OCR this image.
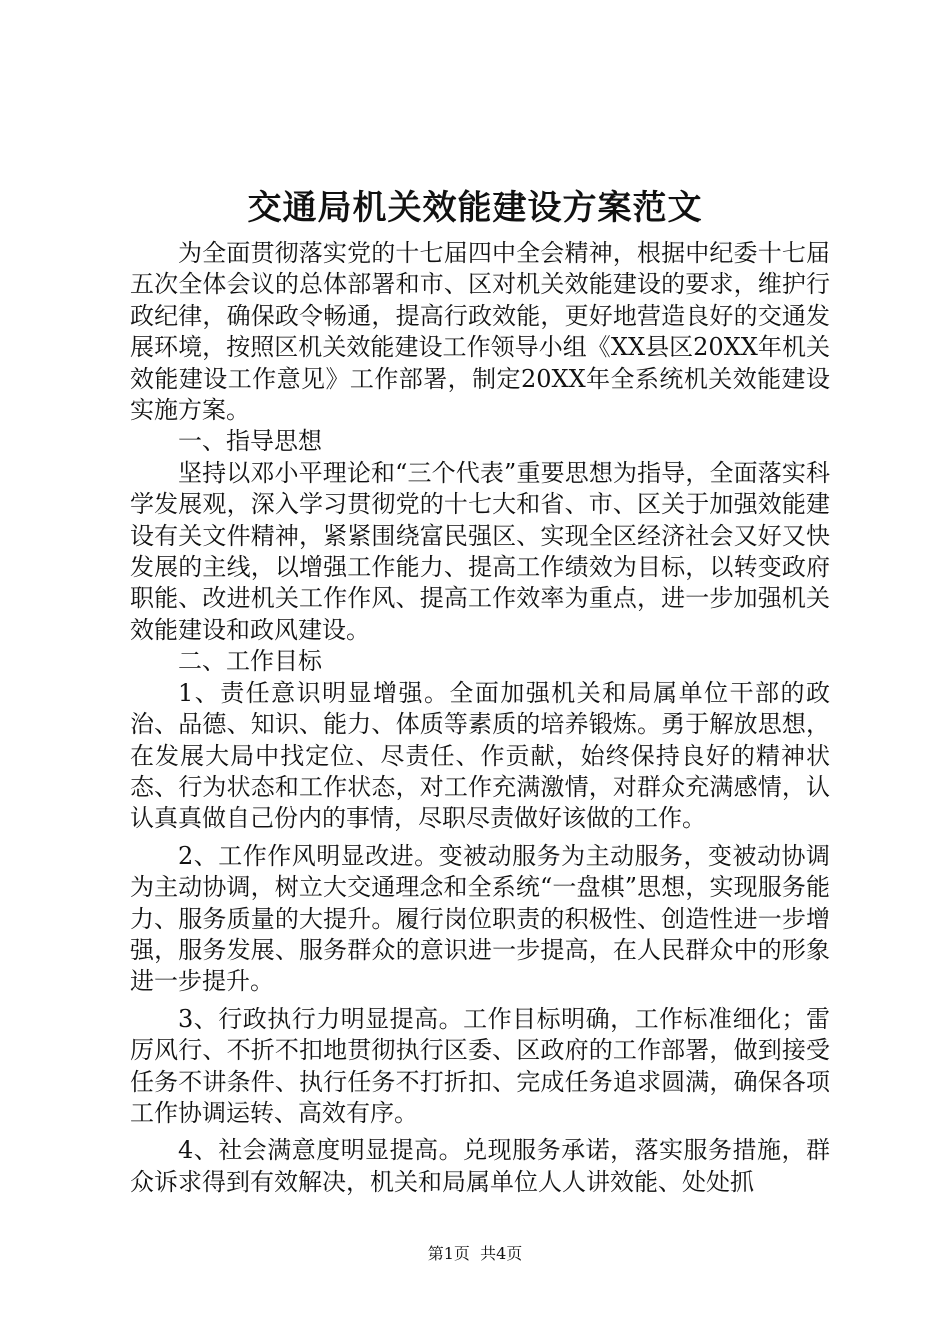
交通局机关效能建设方案范文

为全面贯彻落实党的十七届四中全会精神，根据中纪委十七届五次全体会议的总体部署和市、区对机关效能建设的要求，维护行政纪律，确保政令畅通，提高行政效能，更好地营造良好的交通发展环境，按照区机关效能建设工作领导小组《XX县区20XX年机关效能建设工作意见》工作部署，制定20XX年全系统机关效能建设实施方案。

一、指导思想

坚持以邓小平理论和“三个代表”重要思想为指导，全面落实科学发展观，深入学习贯彻党的十七大和省、市、区关于加强效能建设有关文件精神，紧紧围绕富民强区、实现全区经济社会又好又快发展的主线，以增强工作能力、提高工作绩效为目标，以转变政府职能、改进机关工作作风、提高工作效率为重点，进一步加强机关效能建设和政风建设。

二、工作目标

1、责任意识明显增强。全面加强机关和局属单位干部的政治、品德、知识、能力、体质等素质的培养锻炼。勇于解放思想，在发展大局中找定位、尽责任、作贡献，始终保持良好的精神状态、行为状态和工作状态，对工作充满激情，对群众充满感情，认认真真做自己份内的事情，尽职尽责做好该做的工作。

2、工作作风明显改进。变被动服务为主动服务，变被动协调为主动协调，树立大交通理念和全系统“一盘棋”思想，实现服务能力、服务质量的大提升。履行岗位职责的积极性、创造性进一步增强，服务发展、服务群众的意识进一步提高，在人民群众中的形象进一步提升。

3、行政执行力明显提高。工作目标明确，工作标准细化；雷厉风行、不折不扣地贯彻执行区委、区政府的工作部署，做到接受任务不讲条件、执行任务不打折扣、完成任务追求圆满，确保各项工作协调运转、高效有序。

4、社会满意度明显提高。兑现服务承诺，落实服务措施，群众诉求得到有效解决，机关和局属单位人人讲效能、处处抓

第1页  共4页
